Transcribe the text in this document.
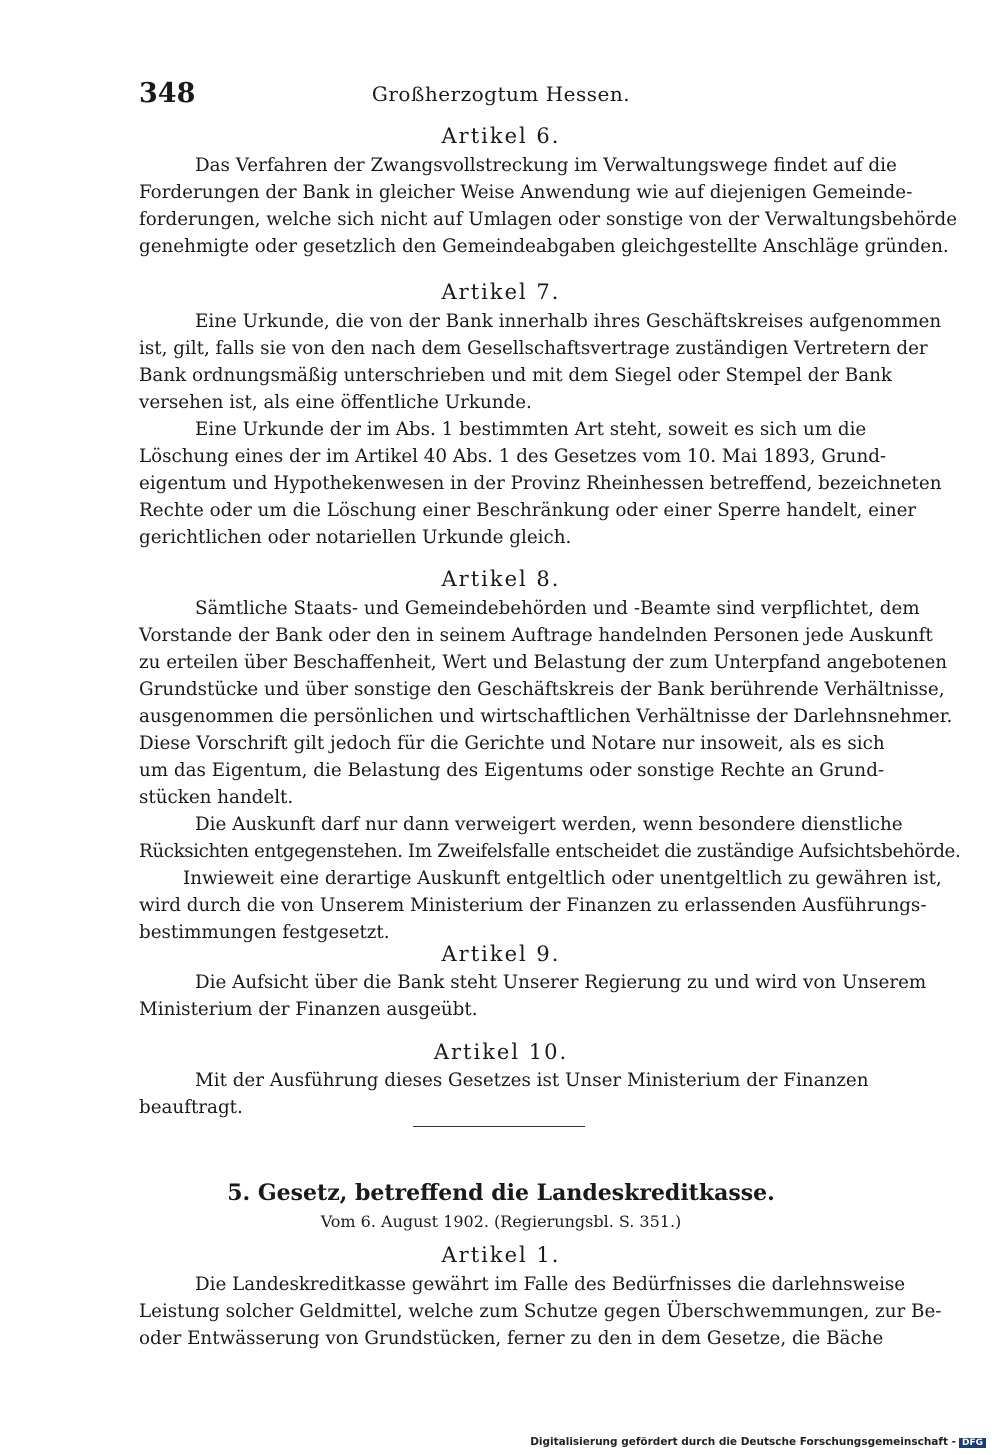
348	Großherzogtum Hessen.

Artikel 6.

Das Verfahren der Zwangsvollstreckung im Verwaltungswege findet auf die
Forderungen der Bank in gleicher Weise Anwendung wie auf diejenigen Gemeinde-
forderungen, welche sich nicht auf Umlagen oder sonstige von der Verwaltungsbehörde
genehmigte oder gesetzlich den Gemeindeabgaben gleichgestellte Anschläge gründen.

Artikel 7.

Eine Urkunde, die von der Bank innerhalb ihres Geschäftskreises aufgenommen
ist, gilt, falls sie von den nach dem Gesellschaftsvertrage zuständigen Vertretern der
Bank ordnungsmäßig unterschrieben und mit dem Siegel oder Stempel der Bank
versehen ist, als eine öffentliche Urkunde.

Eine Urkunde der im Abs. 1 bestimmten Art steht, soweit es sich um die
Löschung eines der im Artikel 40 Abs. 1 des Gesetzes vom 10. Mai 1893, Grund-
eigentum und Hypothekenwesen in der Provinz Rheinhessen betreffend, bezeichneten
Rechte oder um die Löschung einer Beschränkung oder einer Sperre handelt, einer
gerichtlichen oder notariellen Urkunde gleich.

Artikel 8.

Sämtliche Staats- und Gemeindebehörden und -Beamte sind verpflichtet, dem
Vorstande der Bank oder den in seinem Auftrage handelnden Personen jede Auskunft
zu erteilen über Beschaffenheit, Wert und Belastung der zum Unterpfand angebotenen
Grundstücke und über sonstige den Geschäftskreis der Bank berührende Verhältnisse,
ausgenommen die persönlichen und wirtschaftlichen Verhältnisse der Darlehnsnehmer.
Diese Vorschrift gilt jedoch für die Gerichte und Notare nur insoweit, als es sich
um das Eigentum, die Belastung des Eigentums oder sonstige Rechte an Grund-
stücken handelt.

Die Auskunft darf nur dann verweigert werden, wenn besondere dienstliche
Rücksichten entgegenstehen. Im Zweifelsfalle entscheidet die zuständige Aufsichtsbehörde.

Inwieweit eine derartige Auskunft entgeltlich oder unentgeltlich zu gewähren ist,
wird durch die von Unserem Ministerium der Finanzen zu erlassenden Ausführungs-
bestimmungen festgesetzt.

Artikel 9.

Die Aufsicht über die Bank steht Unserer Regierung zu und wird von Unserem
Ministerium der Finanzen ausgeübt.

Artikel 10.

Mit der Ausführung dieses Gesetzes ist Unser Ministerium der Finanzen
beauftragt.

5. Gesetz, betreffend die Landeskreditkasse.

Vom 6. August 1902. (Regierungsbl. S. 351.)

Artikel 1.

Die Landeskreditkasse gewährt im Falle des Bedürfnisses die darlehnsweise
Leistung solcher Geldmittel, welche zum Schutze gegen Überschwemmungen, zur Be-
oder Entwässerung von Grundstücken, ferner zu den in dem Gesetze, die Bäche

Digitalisierung gefördert durch die Deutsche Forschungsgemeinschaft - DFG
